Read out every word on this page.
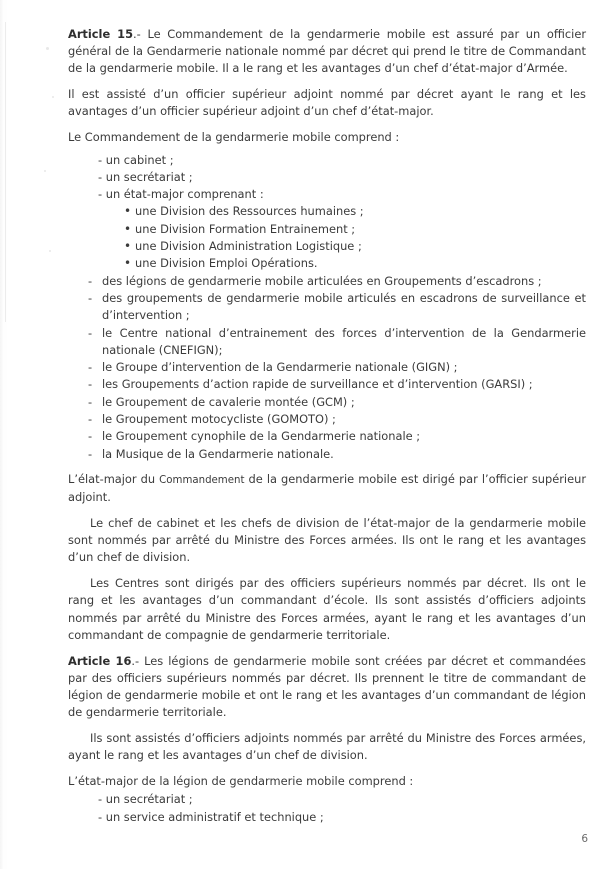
Article 15.- Le Commandement de la gendarmerie mobile est assuré par un officier général de la Gendarmerie nationale nommé par décret qui prend le titre de Commandant de la gendarmerie mobile. Il a le rang et les avantages d’un chef d’état-major d’Armée.

Il est assisté d’un officier supérieur adjoint nommé par décret ayant le rang et les avantages d’un officier supérieur adjoint d’un chef d’état-major.

Le Commandement de la gendarmerie mobile comprend :

- un cabinet ;
- un secrétariat ;
- un état-major comprenant :
• une Division des Ressources humaines ;
• une Division Formation Entrainement ;
• une Division Administration Logistique ;
• une Division Emploi Opérations.
- des légions de gendarmerie mobile articulées en Groupements d’escadrons ;
- des groupements de gendarmerie mobile articulés en escadrons de surveillance et d’intervention ;
- le Centre national d’entrainement des forces d’intervention de la Gendarmerie nationale (CNEFIGN);
- le Groupe d’intervention de la Gendarmerie nationale (GIGN) ;
- les Groupements d’action rapide de surveillance et d’intervention (GARSI) ;
- le Groupement de cavalerie montée (GCM) ;
- le Groupement motocycliste (GOMOTO) ;
- le Groupement cynophile de la Gendarmerie nationale ;
- la Musique de la Gendarmerie nationale.

L’élat-major du Commandement de la gendarmerie mobile est dirigé par l’officier supérieur adjoint.

Le chef de cabinet et les chefs de division de l’état-major de la gendarmerie mobile sont nommés par arrêté du Ministre des Forces armées. Ils ont le rang et les avantages d’un chef de division.

Les Centres sont dirigés par des officiers supérieurs nommés par décret. Ils ont le rang et les avantages d’un commandant d’école. Ils sont assistés d’officiers adjoints nommés par arrêté du Ministre des Forces armées, ayant le rang et les avantages d’un commandant de compagnie de gendarmerie territoriale.

Article 16.- Les légions de gendarmerie mobile sont créées par décret et commandées par des officiers supérieurs nommés par décret. Ils prennent le titre de commandant de légion de gendarmerie mobile et ont le rang et les avantages d’un commandant de légion de gendarmerie territoriale.

Ils sont assistés d’officiers adjoints nommés par arrêté du Ministre des Forces armées, ayant le rang et les avantages d’un chef de division.

L’état-major de la légion de gendarmerie mobile comprend :

- un secrétariat ;
- un service administratif et technique ;
6
